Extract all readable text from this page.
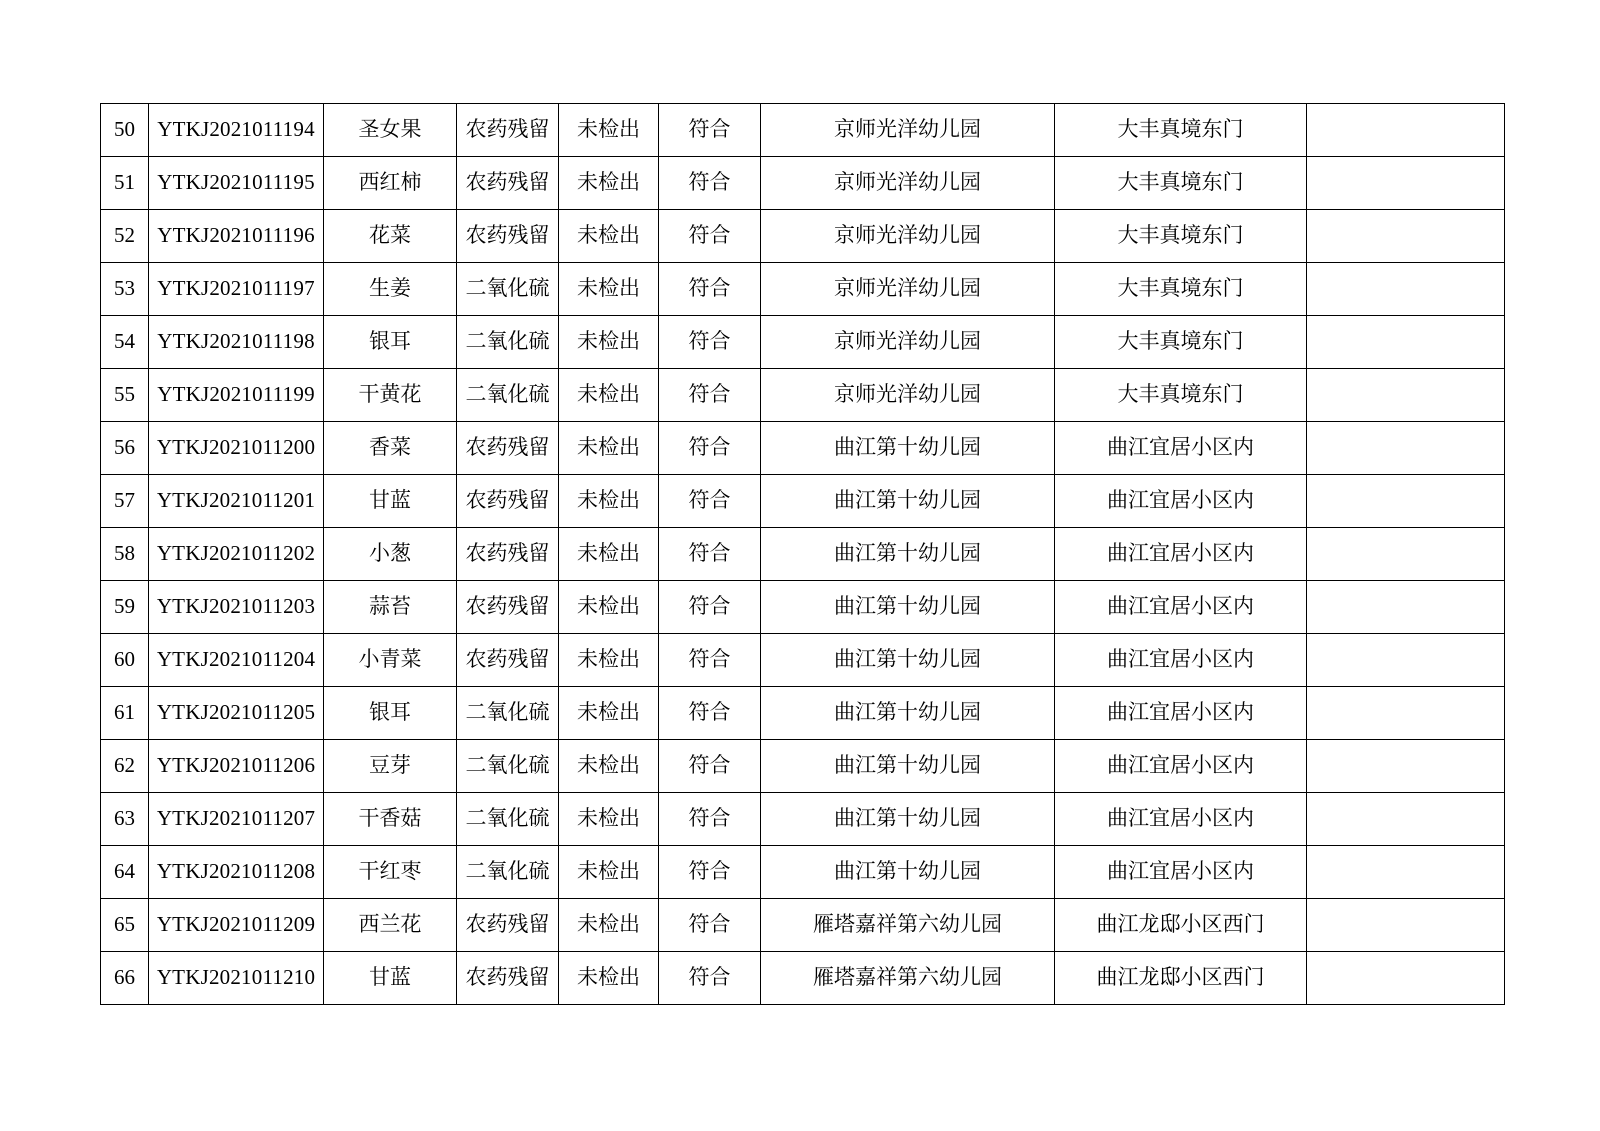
50	YTKJ2021011194	圣女果	农药残留	未检出	符合	京师光洋幼儿园	大丰真境东门	
51	YTKJ2021011195	西红柿	农药残留	未检出	符合	京师光洋幼儿园	大丰真境东门	
52	YTKJ2021011196	花菜	农药残留	未检出	符合	京师光洋幼儿园	大丰真境东门	
53	YTKJ2021011197	生姜	二氧化硫	未检出	符合	京师光洋幼儿园	大丰真境东门	
54	YTKJ2021011198	银耳	二氧化硫	未检出	符合	京师光洋幼儿园	大丰真境东门	
55	YTKJ2021011199	干黄花	二氧化硫	未检出	符合	京师光洋幼儿园	大丰真境东门	
56	YTKJ2021011200	香菜	农药残留	未检出	符合	曲江第十幼儿园	曲江宜居小区内	
57	YTKJ2021011201	甘蓝	农药残留	未检出	符合	曲江第十幼儿园	曲江宜居小区内	
58	YTKJ2021011202	小葱	农药残留	未检出	符合	曲江第十幼儿园	曲江宜居小区内	
59	YTKJ2021011203	蒜苔	农药残留	未检出	符合	曲江第十幼儿园	曲江宜居小区内	
60	YTKJ2021011204	小青菜	农药残留	未检出	符合	曲江第十幼儿园	曲江宜居小区内	
61	YTKJ2021011205	银耳	二氧化硫	未检出	符合	曲江第十幼儿园	曲江宜居小区内	
62	YTKJ2021011206	豆芽	二氧化硫	未检出	符合	曲江第十幼儿园	曲江宜居小区内	
63	YTKJ2021011207	干香菇	二氧化硫	未检出	符合	曲江第十幼儿园	曲江宜居小区内	
64	YTKJ2021011208	干红枣	二氧化硫	未检出	符合	曲江第十幼儿园	曲江宜居小区内	
65	YTKJ2021011209	西兰花	农药残留	未检出	符合	雁塔嘉祥第六幼儿园	曲江龙邸小区西门	
66	YTKJ2021011210	甘蓝	农药残留	未检出	符合	雁塔嘉祥第六幼儿园	曲江龙邸小区西门	
